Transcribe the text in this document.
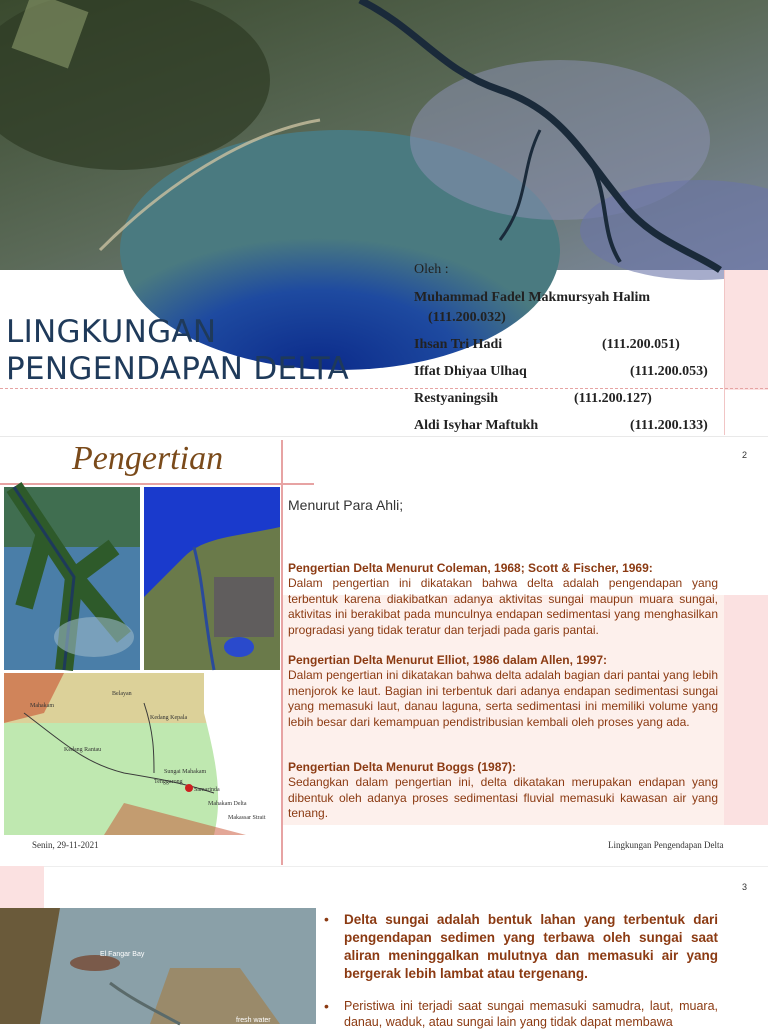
LINGKUNGAN
PENGENDAPAN DELTA
Oleh :
Muhammad Fadel Makmursyah Halim
(111.200.032)
Ihsan Tri Hadi	(111.200.051)
Iffat Dhiyaa Ulhaq	(111.200.053)
Restyaningsih	(111.200.127)
Aldi Isyhar Maftukh	(111.200.133)
2
Pengertian
Mahakam
Belayan
Kedang Kepala
Kedang Rantau
Sungai Mahakam
Tenggarong
Samarinda
Mahakam Delta
Makassar Strait
Menurut Para Ahli;
Pengertian Delta Menurut Coleman, 1968; Scott & Fischer, 1969:
Dalam pengertian ini dikatakan bahwa delta adalah pengendapan yang terbentuk karena diakibatkan adanya aktivitas sungai maupun muara sungai, aktivitas ini berakibat pada munculnya endapan sedimentasi yang menghasilkan progradasi yang tidak teratur dan terjadi pada garis pantai.
Pengertian Delta Menurut Elliot, 1986 dalam Allen, 1997:
Dalam pengertian ini dikatakan bahwa delta adalah bagian dari pantai yang lebih menjorok ke laut. Bagian ini terbentuk dari adanya endapan sedimentasi sungai yang memasuki laut, danau laguna, serta sedimentasi ini memiliki volume yang lebih besar dari kemampuan pendistribusian kembali oleh proses yang ada.
Pengertian Delta Menurut Boggs (1987):
Sedangkan dalam pengertian ini, delta dikatakan merupakan endapan yang dibentuk oleh adanya proses sedimentasi fluvial memasuki kawasan air yang tenang.
Senin, 29-11-2021	Lingkungan Pengendapan Delta
3
El Fangar Bay
fresh water
• Delta sungai adalah bentuk lahan yang terbentuk dari pengendapan sedimen yang terbawa oleh sungai saat aliran meninggalkan mulutnya dan memasuki air yang bergerak lebih lambat atau tergenang.
• Peristiwa ini terjadi saat sungai memasuki samudra, laut, muara, danau, waduk, atau sungai lain yang tidak dapat membawa
